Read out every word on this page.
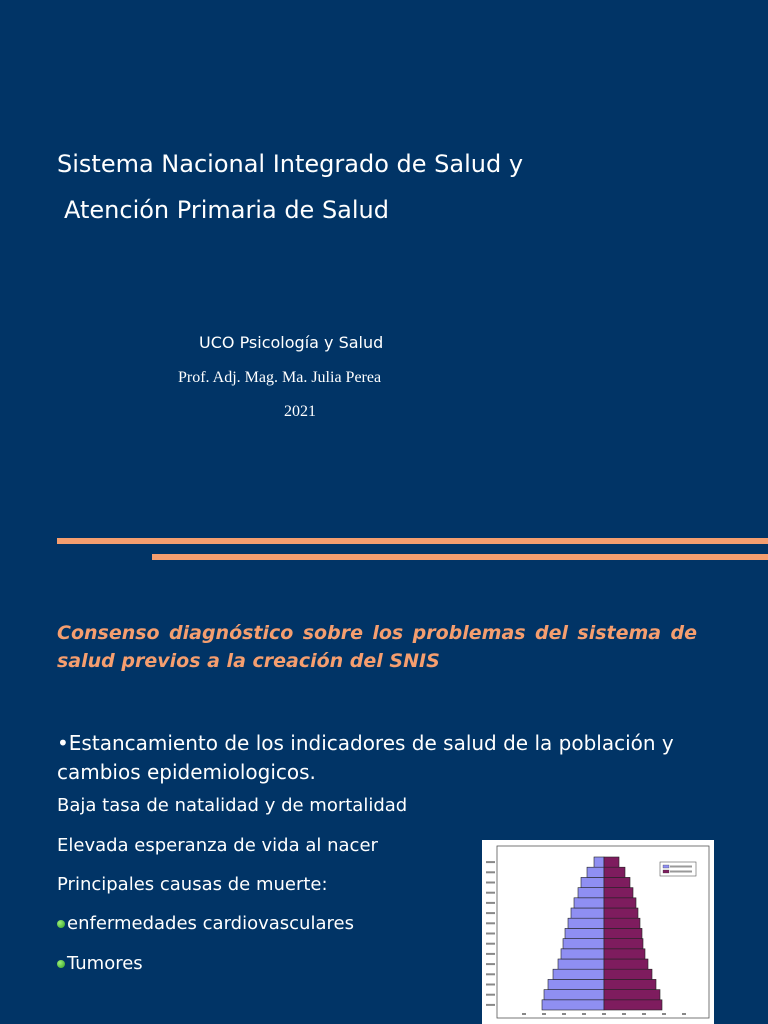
Sistema Nacional Integrado de Salud y
Atención Primaria de Salud
UCO Psicología y Salud
Prof. Adj. Mag. Ma. Julia Perea
2021
Consenso diagnóstico sobre los problemas del sistema de salud previos a la creación del SNIS
•Estancamiento de los indicadores de salud de la población y cambios epidemiologicos.
Baja tasa de natalidad y de mortalidad
Elevada esperanza de vida al nacer
Principales causas de muerte:
enfermedades cardiovasculares
Tumores
